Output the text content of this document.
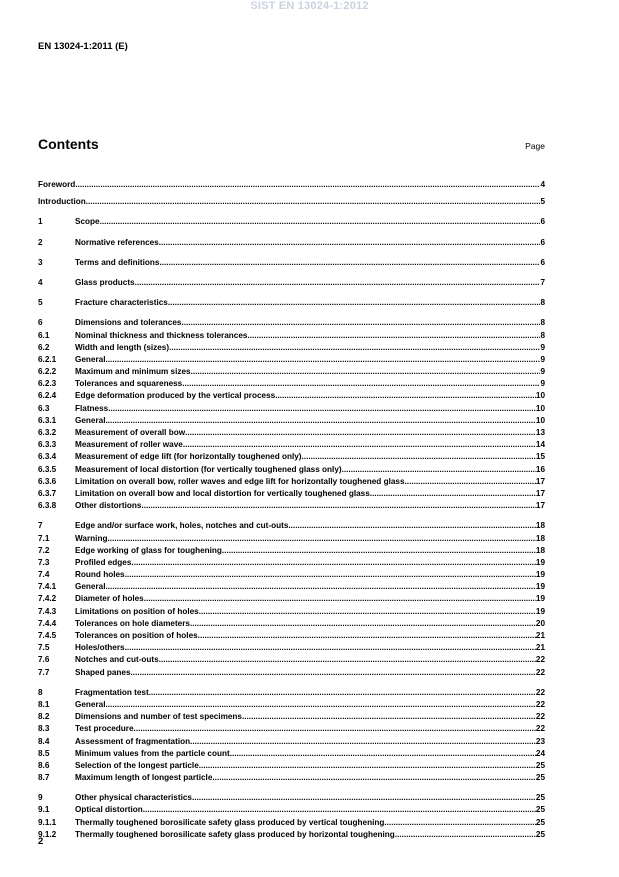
SIST EN 13024-1:2012
EN 13024-1:2011 (E)
Contents	Page
Foreword .....	4
Introduction .....	5
1	Scope .....	6
2	Normative references .....	6
3	Terms and definitions .....	6
4	Glass products .....	7
5	Fracture characteristics .....	8
6	Dimensions and tolerances .....	8
6.1	Nominal thickness and thickness tolerances .....	8
6.2	Width and length (sizes) .....	9
6.2.1	General .....	9
6.2.2	Maximum and minimum sizes .....	9
6.2.3	Tolerances and squareness .....	9
6.2.4	Edge deformation produced by the vertical process .....	10
6.3	Flatness .....	10
6.3.1	General .....	10
6.3.2	Measurement of overall bow .....	13
6.3.3	Measurement of roller wave .....	14
6.3.4	Measurement of edge lift (for horizontally toughened only) .....	15
6.3.5	Measurement of local distortion (for vertically toughened glass only) .....	16
6.3.6	Limitation on overall bow, roller waves and edge lift for horizontally toughened glass .....	17
6.3.7	Limitation on overall bow and local distortion for vertically toughened glass .....	17
6.3.8	Other distortions .....	17
7	Edge and/or surface work, holes, notches and cut-outs .....	18
7.1	Warning .....	18
7.2	Edge working of glass for toughening .....	18
7.3	Profiled edges .....	19
7.4	Round holes .....	19
7.4.1	General .....	19
7.4.2	Diameter of holes .....	19
7.4.3	Limitations on position of holes .....	19
7.4.4	Tolerances on hole diameters .....	20
7.4.5	Tolerances on position of holes .....	21
7.5	Holes/others .....	21
7.6	Notches and cut-outs .....	22
7.7	Shaped panes .....	22
8	Fragmentation test .....	22
8.1	General .....	22
8.2	Dimensions and number of test specimens .....	22
8.3	Test procedure .....	22
8.4	Assessment of fragmentation .....	23
8.5	Minimum values from the particle count .....	24
8.6	Selection of the longest particle .....	25
8.7	Maximum length of longest particle .....	25
9	Other physical characteristics .....	25
9.1	Optical distortion .....	25
9.1.1	Thermally toughened borosilicate safety glass produced by vertical toughening .....	25
9.1.2	Thermally toughened borosilicate safety glass produced by horizontal toughening .....	25
2
